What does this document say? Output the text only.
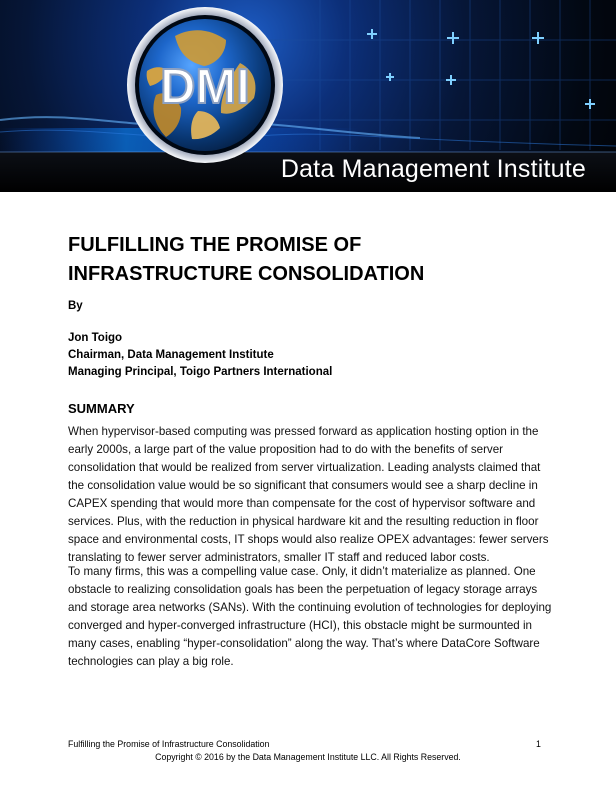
DMI
Data Management Institute
FULFILLING THE PROMISE OF
INFRASTRUCTURE CONSOLIDATION
By
Jon Toigo
Chairman, Data Management Institute
Managing Principal, Toigo Partners International
SUMMARY

When hypervisor-based computing was pressed forward as application hosting option in the early 2000s, a large part of the value proposition had to do with the benefits of server consolidation that would be realized from server virtualization. Leading analysts claimed that the consolidation value would be so significant that consumers would see a sharp decline in CAPEX spending that would more than compensate for the cost of hypervisor software and services. Plus, with the reduction in physical hardware kit and the resulting reduction in floor space and environmental costs, IT shops would also realize OPEX advantages: fewer servers translating to fewer server administrators, smaller IT staff and reduced labor costs.

To many firms, this was a compelling value case. Only, it didn’t materialize as planned. One obstacle to realizing consolidation goals has been the perpetuation of legacy storage arrays and storage area networks (SANs). With the continuing evolution of technologies for deploying converged and hyper-converged infrastructure (HCI), this obstacle might be surmounted in many cases, enabling “hyper-consolidation” along the way. That’s where DataCore Software technologies can play a big role.

Fulfilling the Promise of Infrastructure Consolidation	1
Copyright © 2016 by the Data Management Institute LLC. All Rights Reserved.
